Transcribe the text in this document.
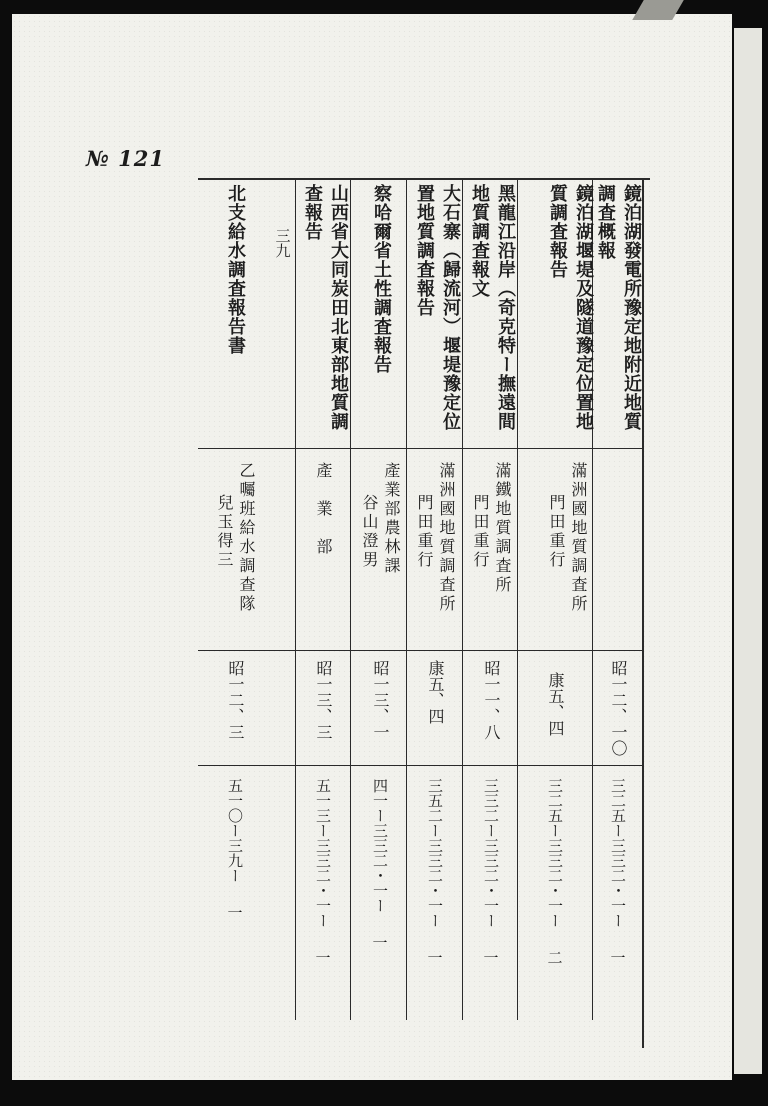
№ 121
鏡泊湖發電所豫定地附近地質
調査概報
滿洲國地質調査所
門田重行
昭一二、一〇
三二五ー三三二・一ー
一
鏡泊湖堰堤及隧道豫定位置地
質調査報告
康五、四
三二五ー三三二・一ー
二
黑龍江沿岸（奇克特ー撫遠間
地質調査報文
滿鐵地質調査所
門田重行
昭一一、八
三三二ー三三二・一ー
一
大石寨（歸流河）堰堤豫定位
置地質調査報告
滿洲國地質調査所
門田重行
康五、四
三五二ー三三二・一ー
一
察哈爾省土性調査報告
產業部農林課
谷山澄男
昭一三、一
四一ー三三二・一ー
一
山西省大同炭田北東部地質調
查報告
產業部
昭一三、三
五一三ー三三二・一ー
一
三九
北支給水調査報告書
乙囑班給水調查隊
兒玉得三
昭一二、三
五一〇ー三九ー
一
